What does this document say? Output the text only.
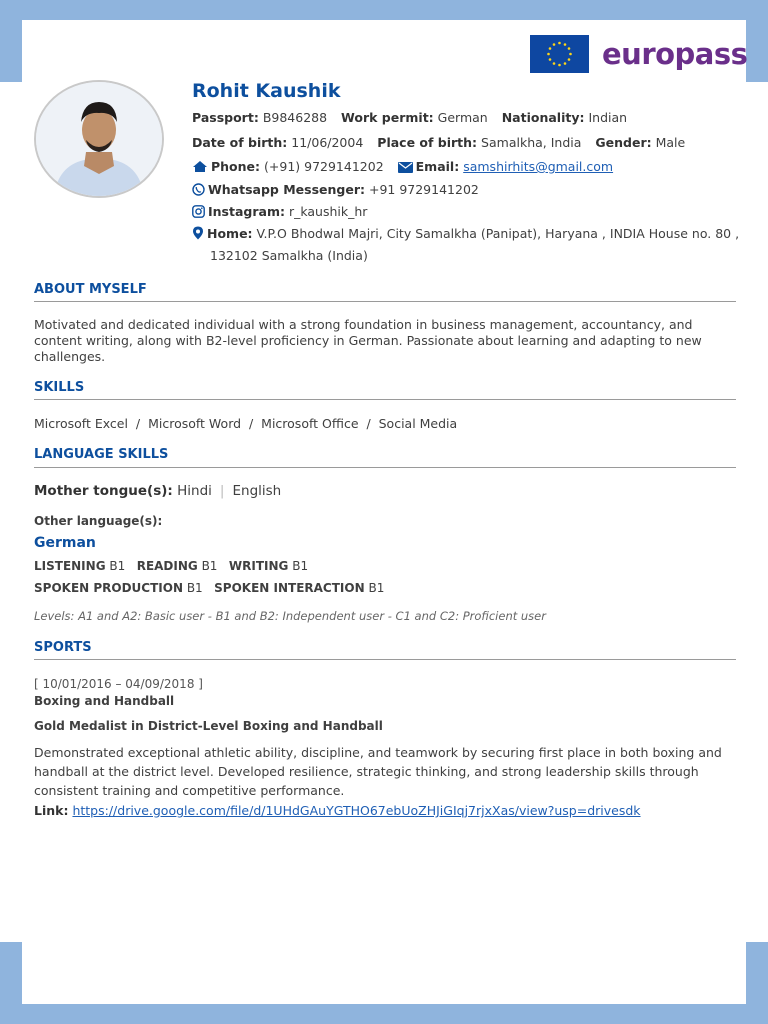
europass
Rohit Kaushik
Passport: B9846288 Work permit: German Nationality: Indian
Date of birth: 11/06/2004 Place of birth: Samalkha, India Gender: Male
Phone: (+91) 9729141202	Email: samshirhits@gmail.com
Whatsapp Messenger: +91 9729141202
Instagram: r_kaushik_hr
Home: V.P.O Bhodwal Majri, City Samalkha (Panipat), Haryana , INDIA House no. 80 ,
132102 Samalkha (India)
ABOUT MYSELF
Motivated and dedicated individual with a strong foundation in business management, accountancy, and content writing, along with B2-level proficiency in German. Passionate about learning and adapting to new challenges.
SKILLS
Microsoft Excel  /  Microsoft Word  /  Microsoft Office  /  Social Media
LANGUAGE SKILLS
Mother tongue(s): Hindi | English
Other language(s):
German
LISTENING B1 READING B1 WRITING B1
SPOKEN PRODUCTION B1 SPOKEN INTERACTION B1
Levels: A1 and A2: Basic user - B1 and B2: Independent user - C1 and C2: Proficient user
SPORTS
[ 10/01/2016 – 04/09/2018 ]
Boxing and Handball
Gold Medalist in District-Level Boxing and Handball
Demonstrated exceptional athletic ability, discipline, and teamwork by securing first place in both boxing and handball at the district level. Developed resilience, strategic thinking, and strong leadership skills through consistent training and competitive performance.
Link: https://drive.google.com/file/d/1UHdGAuYGTHO67ebUoZHJiGIqj7rjxXas/view?usp=drivesdk
